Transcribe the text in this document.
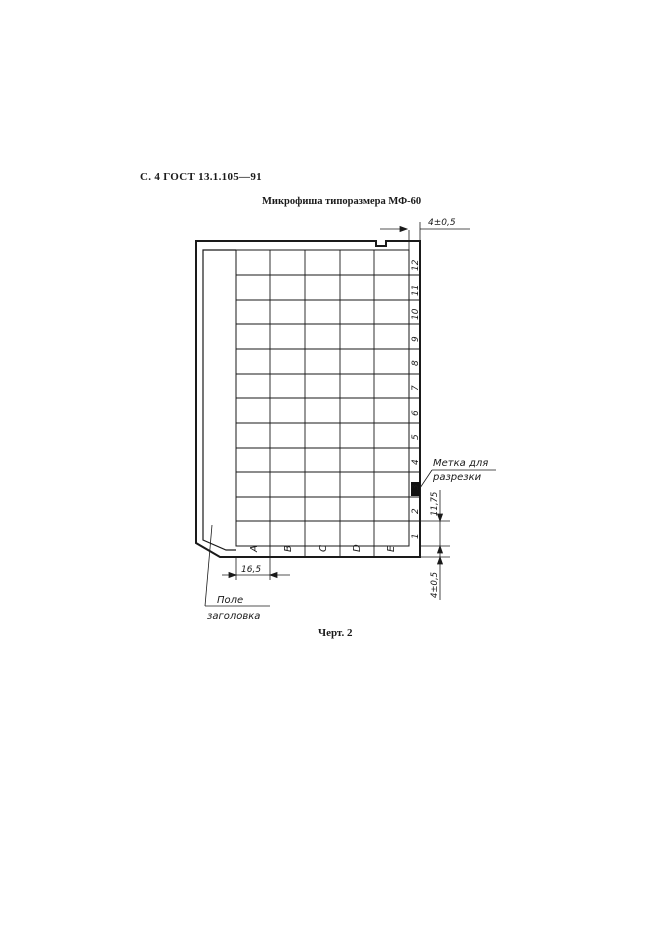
С. 4 ГОСТ 13.1.105—91
Микрофиша типоразмера МФ-60
A B C D E
1
2
3
4
5
6
7
8
9
10
11
12
4±0,5
16,5
11,75
4±0,5
Метка для
разрезки
Поле
заголовка
Черт. 2
